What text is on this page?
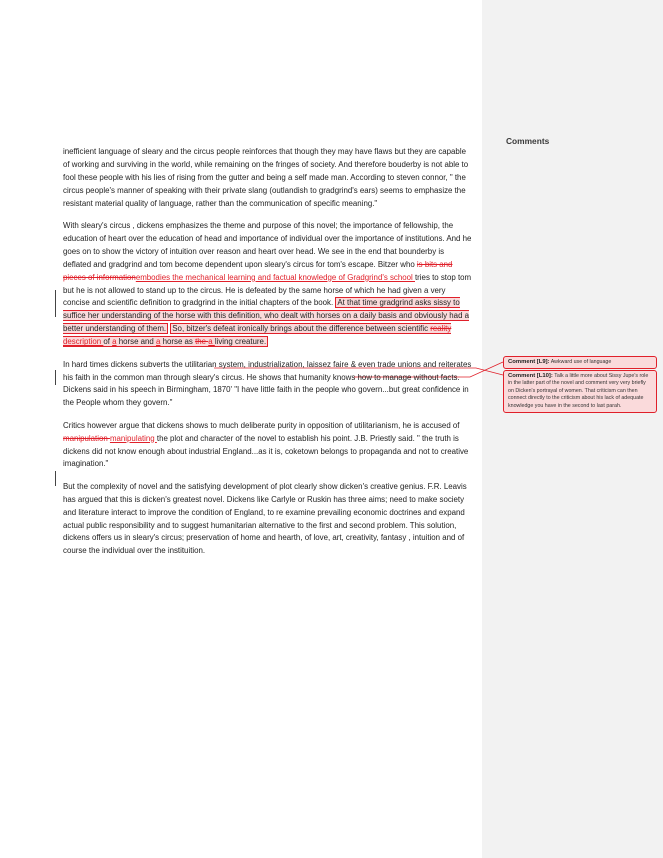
Comments

inefficient language of sleary and the circus people reinforces that though they may have flaws but they are capable of working and surviving in the world, while remaining on the fringes of society. And therefore bouderby is not able to fool these people with his lies of rising from the gutter and being a self made man. According to steven connor, " the circus people's manner of speaking with their private slang (outlandish to gradgrind's ears) seems to emphasize the resistant material quality of language, rather than the communication of specific meaning."

With sleary's circus , dickens emphasizes the theme and purpose of this novel; the importance of fellowship, the education of heart over the education of head and importance of individual over the importance of institutions. And he goes on to show the victory of intuition over reason and heart over head. We see in the end that bounderby is deflated and gradgrind and tom become dependent upon sleary's circus for tom's escape. Bitzer who is bits and pieces of informationembodies the mechanical learning and factual knowledge of Gradgrind's school tries to stop tom but he is not allowed to stand up to the circus. He is defeated by the same horse of which he had given a very concise and scientific definition to gradgrind in the initial chapters of the book. At that time gradgrind asks sissy to suffice her understanding of the horse with this definition, who dealt with horses on a daily basis and obviously had a better understanding of them. So, bitzer's defeat ironically brings about the difference between scientific reality description of a horse and a horse as the a living creature.

In hard times dickens subverts the utilitarian system, industrialization, laissez faire & even trade unions and reiterates his faith in the common man through sleary's circus. He shows that humanity knows how to manage without facts. Dickens said in his speech in Birmingham, 1870' "I have little faith in the people who govern...but great confidence in the People whom they govern."

Critics however argue that dickens shows to much deliberate purity in opposition of utilitarianism, he is accused of manipulation manipulating the plot and character of the novel to establish his point. J.B. Priestly said. " the truth is dickens did not know enough about industrial England...as it is, coketown belongs to propaganda and not to creative imagination."

But the complexity of novel and the satisfying development of plot clearly show dicken's creative genius. F.R. Leavis has argued that this is dicken's greatest novel. Dickens like Carlyle or Ruskin has three aims; need to make society and literature interact to improve the condition of England, to re examine prevailing economic doctrines and expand actual public responsibility and to suggest humanitarian alternative to the first and second problem. This solution, dickens offers us in sleary's circus; preservation of home and hearth, of love, art, creativity, fantasy , intuition and of course the individual over the instituition.

Comment [L9]: Awkward use of language
Comment [L10]: Talk a little more about Sissy Jupe's role in the latter part of the novel and comment very very briefly on Dicken's portrayal of women. That criticism can then connect directly to the criticism about his lack of adequate knowledge you have in the second to last parah.
